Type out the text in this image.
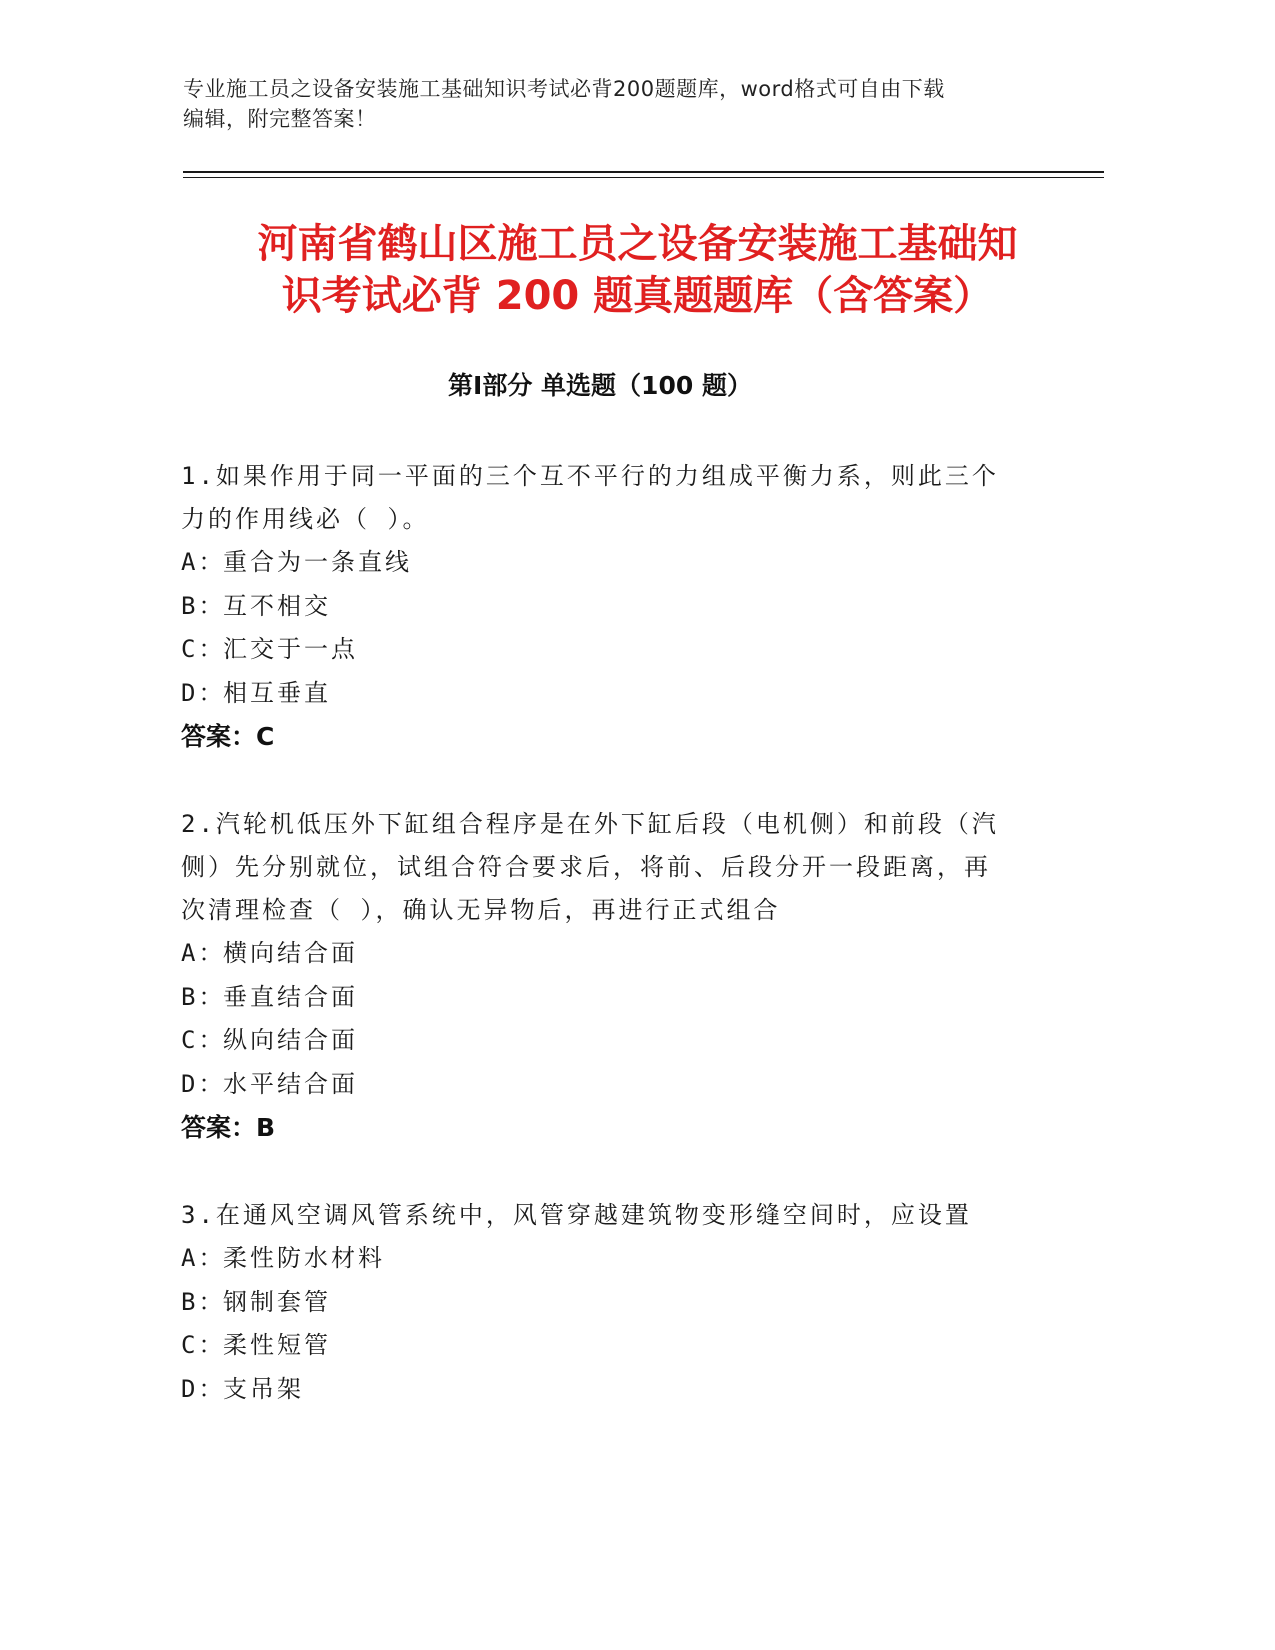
专业施工员之设备安装施工基础知识考试必背200题题库，word格式可自由下载
编辑，附完整答案！
河南省鹤山区施工员之设备安装施工基础知
识考试必背 200 题真题题库（含答案）
第Ⅰ部分 单选题（100 题）
1.如果作用于同一平面的三个互不平行的力组成平衡力系，则此三个
力的作用线必（ ）。
A：重合为一条直线
B：互不相交
C：汇交于一点
D：相互垂直
答案：C
2.汽轮机低压外下缸组合程序是在外下缸后段（电机侧）和前段（汽
侧）先分别就位，试组合符合要求后，将前、后段分开一段距离，再
次清理检查（ ），确认无异物后，再进行正式组合
A：横向结合面
B：垂直结合面
C：纵向结合面
D：水平结合面
答案：B
3.在通风空调风管系统中，风管穿越建筑物变形缝空间时，应设置
A：柔性防水材料
B：钢制套管
C：柔性短管
D：支吊架
